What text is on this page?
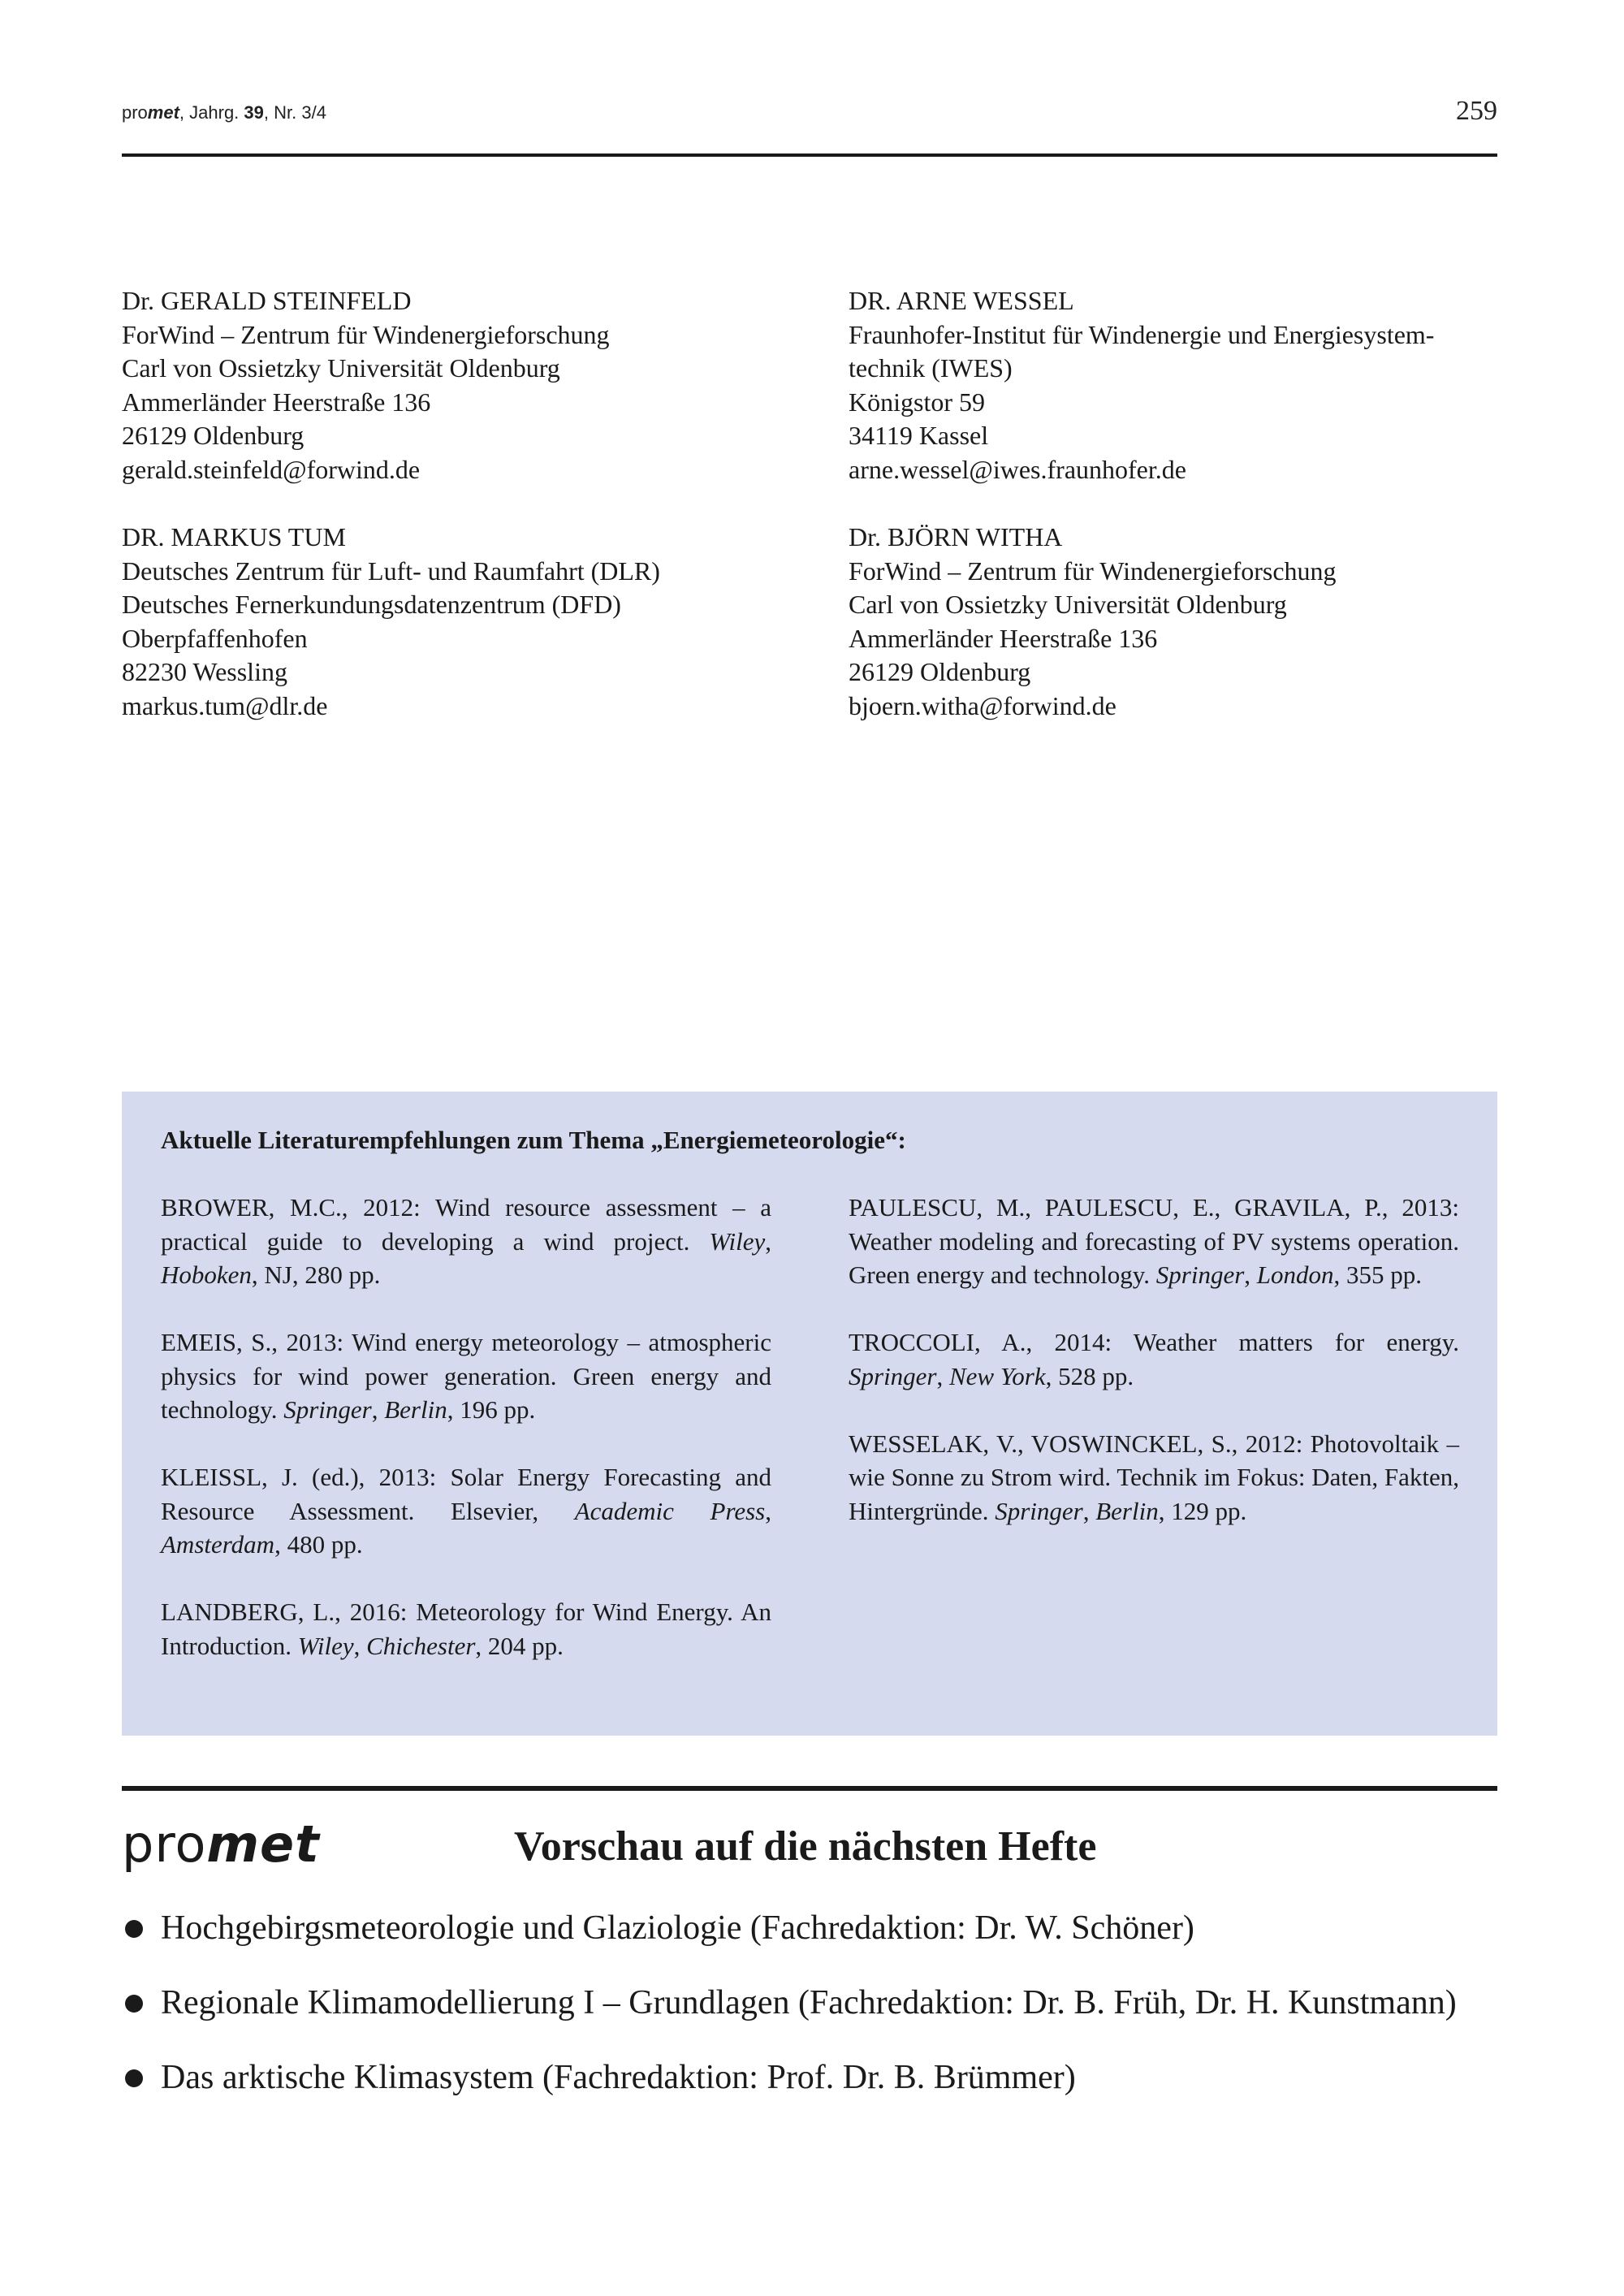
promet, Jahrg. 39, Nr. 3/4	259
Dr. GERALD STEINFELD
ForWind – Zentrum für Windenergieforschung
Carl von Ossietzky Universität Oldenburg
Ammerländer Heerstraße 136
26129 Oldenburg
gerald.steinfeld@forwind.de
DR. MARKUS TUM
Deutsches Zentrum für Luft- und Raumfahrt (DLR)
Deutsches Fernerkundungsdatenzentrum (DFD)
Oberpfaffenhofen
82230 Wessling
markus.tum@dlr.de
DR. ARNE WESSEL
Fraunhofer-Institut für Windenergie und Energiesystem-
technik (IWES)
Königstor 59
34119 Kassel
arne.wessel@iwes.fraunhofer.de
Dr. BJÖRN WITHA
ForWind – Zentrum für Windenergieforschung
Carl von Ossietzky Universität Oldenburg
Ammerländer Heerstraße 136
26129 Oldenburg
bjoern.witha@forwind.de
Aktuelle Literaturempfehlungen zum Thema „Energiemeteorologie“:
BROWER, M.C., 2012: Wind resource assessment – a practical guide to developing a wind project. Wiley, Hoboken, NJ, 280 pp.
EMEIS, S., 2013: Wind energy meteorology – atmospheric physics for wind power generation. Green energy and technology. Springer, Berlin, 196 pp.
KLEISSL, J. (ed.), 2013: Solar Energy Forecasting and Resource Assessment. Elsevier, Academic Press, Amsterdam, 480 pp.
LANDBERG, L., 2016: Meteorology for Wind Energy. An Introduction. Wiley, Chichester, 204 pp.
PAULESCU, M., PAULESCU, E., GRAVILA, P., 2013: Weather modeling and forecasting of PV systems operation. Green energy and technology. Springer, London, 355 pp.
TROCCOLI, A., 2014: Weather matters for energy. Springer, New York, 528 pp.
WESSELAK, V., VOSWINCKEL, S., 2012: Photovoltaik – wie Sonne zu Strom wird. Technik im Fokus: Daten, Fakten, Hintergründe. Springer, Berlin, 129 pp.
promet	Vorschau auf die nächsten Hefte
Hochgebirgsmeteorologie und Glaziologie (Fachredaktion: Dr. W. Schöner)
Regionale Klimamodellierung I – Grundlagen (Fachredaktion: Dr. B. Früh, Dr. H. Kunstmann)
Das arktische Klimasystem (Fachredaktion: Prof. Dr. B. Brümmer)
